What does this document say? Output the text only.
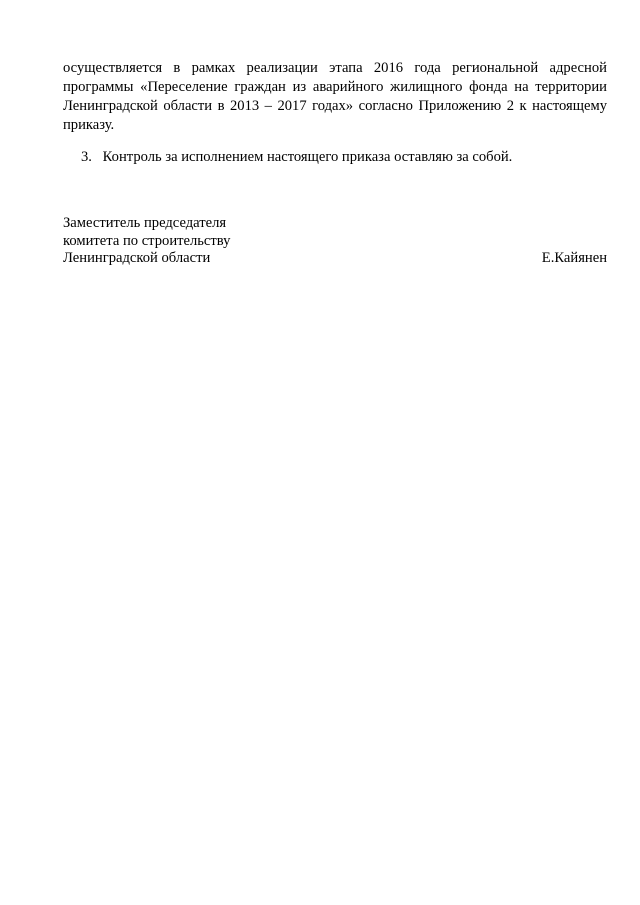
осуществляется в рамках реализации этапа 2016 года региональной адресной
программы «Переселение граждан из аварийного жилищного фонда на территории
Ленинградской области в 2013 – 2017 годах» согласно Приложению 2 к настоящему
приказу.
3. Контроль за исполнением настоящего приказа оставляю за собой.
Заместитель председателя
комитета по строительству
Ленинградской области	Е.Кайянен
